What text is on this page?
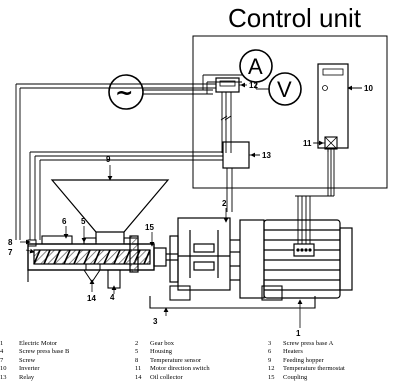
Control unit
~
A
V
1
2
3
4
5
6
7
8
9
10
11
12
13
14
15
1 Electric Motor	2 Gear box	3 Screw press base A
4 Screw press base B	5 Housing	6 Heaters
7 Screw	8 Temperature sensor	9 Feeding hopper
10 Inverter	11 Motor direction switch	12 Temperature thermostat
13 Relay	14 Oil collector	15 Coupling
